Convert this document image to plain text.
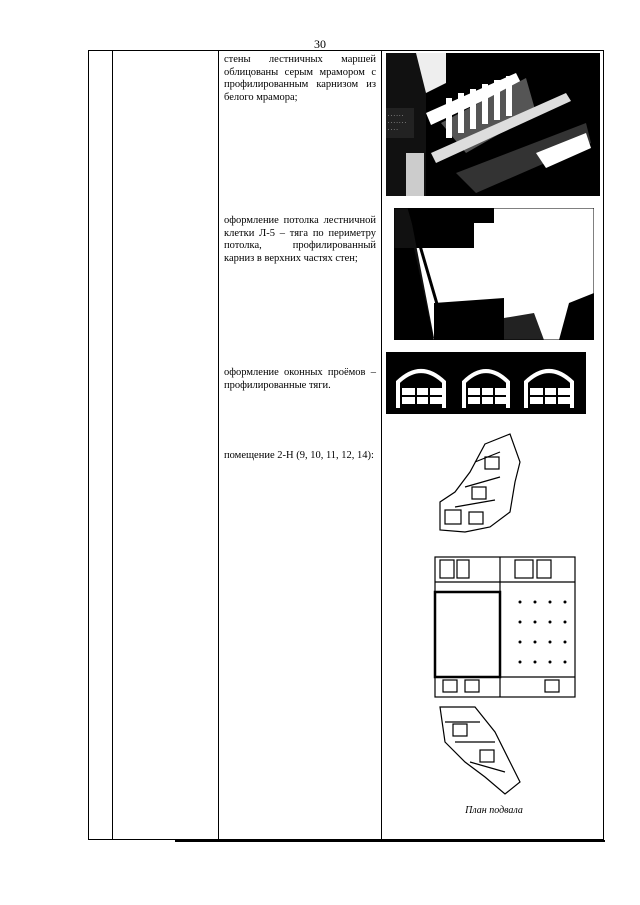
30
стены лестничных маршей облицованы серым мрамором с профилированным карнизом из белого мрамора;
. . . . . .
. . . . . . .
. . . .
оформление потолка лестничной клетки Л-5 – тяга по периметру потолка, профилированный карниз в верхних частях стен;
оформление оконных проёмов – профилированные тяги.
помещение 2-Н (9, 10, 11, 12, 14):
План подвала
